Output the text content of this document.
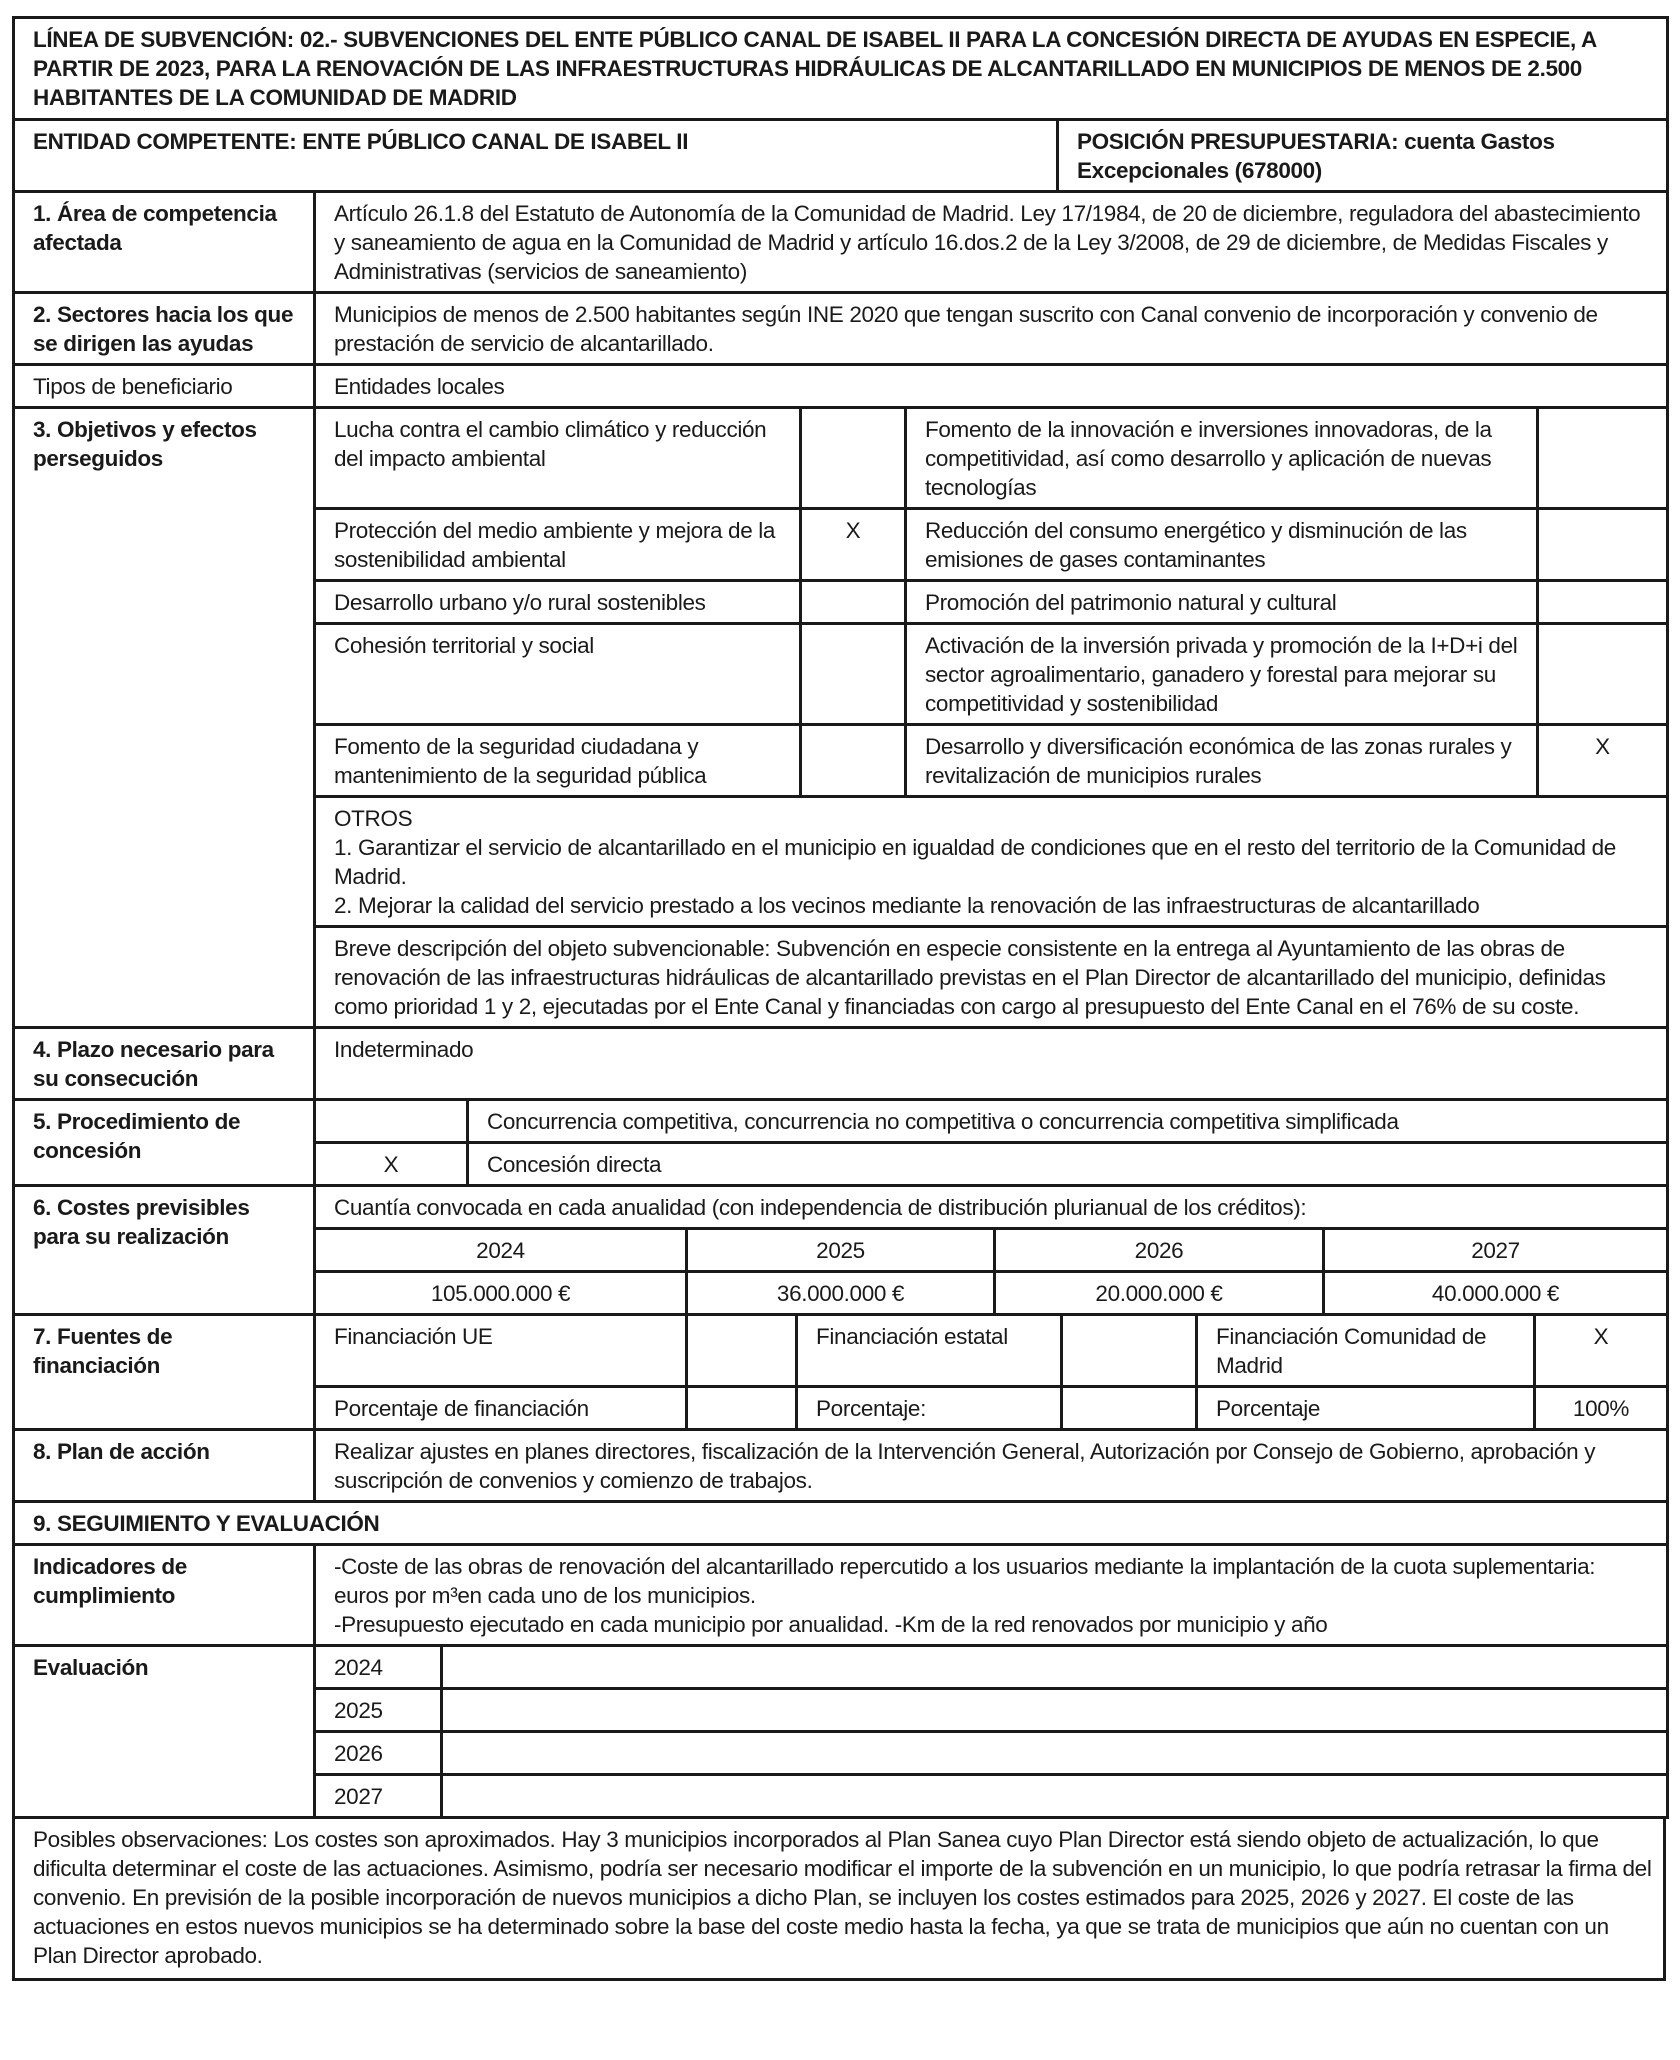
LÍNEA DE SUBVENCIÓN: 02.- SUBVENCIONES DEL ENTE PÚBLICO CANAL DE ISABEL II PARA LA CONCESIÓN DIRECTA DE AYUDAS EN ESPECIE, A PARTIR DE 2023, PARA LA RENOVACIÓN DE LAS INFRAESTRUCTURAS HIDRÁULICAS DE ALCANTARILLADO EN MUNICIPIOS DE MENOS DE 2.500 HABITANTES DE LA COMUNIDAD DE MADRID
ENTIDAD COMPETENTE: ENTE PÚBLICO CANAL DE ISABEL II	POSICIÓN PRESUPUESTARIA: cuenta Gastos Excepcionales (678000)
1. Área de competencia afectada	Artículo 26.1.8 del Estatuto de Autonomía de la Comunidad de Madrid. Ley 17/1984, de 20 de diciembre, reguladora del abastecimiento y saneamiento de agua en la Comunidad de Madrid y artículo 16.dos.2 de la Ley 3/2008, de 29 de diciembre, de Medidas Fiscales y Administrativas (servicios de saneamiento)
2. Sectores hacia los que se dirigen las ayudas	Municipios de menos de 2.500 habitantes según INE 2020 que tengan suscrito con Canal convenio de incorporación y convenio de prestación de servicio de alcantarillado.
Tipos de beneficiario	Entidades locales
3. Objetivos y efectos perseguidos	Lucha contra el cambio climático y reducción del impacto ambiental		Fomento de la innovación e inversiones innovadoras, de la competitividad, así como desarrollo y aplicación de nuevas tecnologías	
	Protección del medio ambiente y mejora de la sostenibilidad ambiental	X	Reducción del consumo energético y disminución de las emisiones de gases contaminantes	
	Desarrollo urbano y/o rural sostenibles		Promoción del patrimonio natural y cultural	
	Cohesión territorial y social		Activación de la inversión privada y promoción de la I+D+i del sector agroalimentario, ganadero y forestal para mejorar su competitividad y sostenibilidad	
	Fomento de la seguridad ciudadana y mantenimiento de la seguridad pública		Desarrollo y diversificación económica de las zonas rurales y revitalización de municipios rurales	X

	OTROS
1. Garantizar el servicio de alcantarillado en el municipio en igualdad de condiciones que en el resto del territorio de la Comunidad de Madrid.
2. Mejorar la calidad del servicio prestado a los vecinos mediante la renovación de las infraestructuras de alcantarillado			

	Breve descripción del objeto subvencionable: Subvención en especie consistente en la entrega al Ayuntamiento de las obras de renovación de las infraestructuras hidráulicas de alcantarillado previstas en el Plan Director de alcantarillado del municipio, definidas como prioridad 1 y 2, ejecutadas por el Ente Canal y financiadas con cargo al presupuesto del Ente Canal en el 76% de su coste.			
4. Plazo necesario para su consecución	Indeterminado
5. Procedimiento de concesión		Concurrencia competitiva, concurrencia no competitiva o concurrencia competitiva simplificada
	X	Concesión directa
6. Costes previsibles para su realización	Cuantía convocada en cada anualidad (con independencia de distribución plurianual de los créditos):			
	2024	2025	2026	2027
	105.000.000 €	36.000.000 €	20.000.000 €	40.000.000 €
7. Fuentes de financiación	Financiación UE		Financiación estatal		Financiación Comunidad de Madrid	X
	Porcentaje de financiación		Porcentaje:		Porcentaje	100%
8. Plan de acción	Realizar ajustes en planes directores, fiscalización de la Intervención General, Autorización por Consejo de Gobierno, aprobación y suscripción de convenios y comienzo de trabajos.
9. SEGUIMIENTO Y EVALUACIÓN		
Indicadores de cumplimiento	-Coste de las obras de renovación del alcantarillado repercutido a los usuarios mediante la implantación de la cuota suplementaria: euros por m³en cada uno de los municipios.
-Presupuesto ejecutado en cada municipio por anualidad. -Km de la red renovados por municipio y año	

Evaluación	2024	
	2025	
	2026	
	2027	
Posibles observaciones: Los costes son aproximados. Hay 3 municipios incorporados al Plan Sanea cuyo Plan Director está siendo objeto de actualización, lo que dificulta determinar el coste de las actuaciones. Asimismo, podría ser necesario modificar el importe de la subvención en un municipio, lo que podría retrasar la firma del convenio. En previsión de la posible incorporación de nuevos municipios a dicho Plan, se incluyen los costes estimados para 2025, 2026 y 2027. El coste de las actuaciones en estos nuevos municipios se ha determinado sobre la base del coste medio hasta la fecha, ya que se trata de municipios que aún no cuentan con un Plan Director aprobado.
